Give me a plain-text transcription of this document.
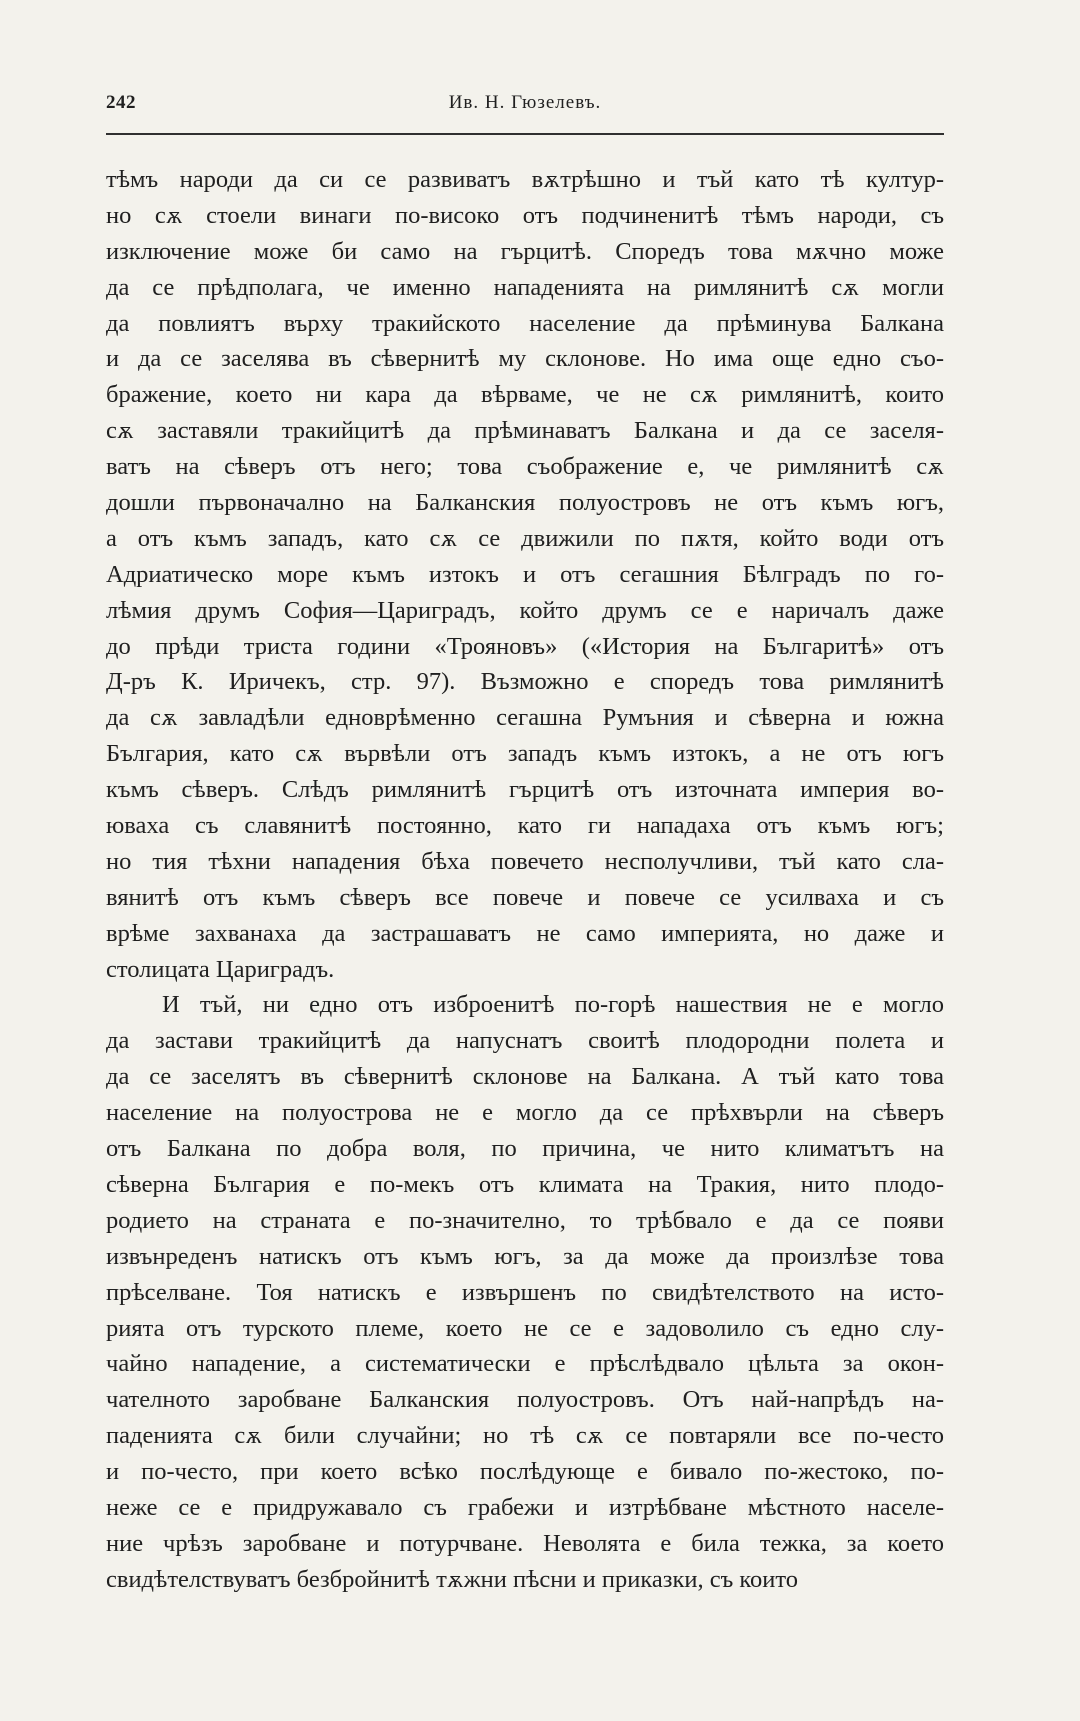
242	Ив. Н. Гюзелевъ.
тѣмъ народи да си се развиватъ вѫтрѣшно и тъй като тѣ култур-
но сѫ стоели винаги по-високо отъ подчиненитѣ тѣмъ народи, съ
изключение може би само на гърцитѣ. Споредъ това мѫчно може
да се прѣдполага, че именно нападенията на римлянитѣ сѫ могли
да повлиятъ върху тракийското население да прѣминува Балкана
и да се заселява въ сѣвернитѣ му склонове. Но има още едно съо-
бражение, което ни кара да вѣрваме, че не сѫ римлянитѣ, които
сѫ заставяли тракийцитѣ да прѣминаватъ Балкана и да се заселя-
ватъ на сѣверъ отъ него; това съображение е, че римлянитѣ сѫ
дошли първоначално на Балканския полуостровъ не отъ къмъ югъ,
а отъ къмъ западъ, като сѫ се движили по пѫтя, който води отъ
Адриатическо море къмъ изтокъ и отъ сегашния Бѣлградъ по го-
лѣмия друмъ София—Цариградъ, който друмъ се е наричалъ даже
до прѣди триста години «Трояновъ» («История на Българитѣ» отъ
Д-ръ К. Иричекъ, стр. 97). Възможно е споредъ това римлянитѣ
да сѫ завладѣли едноврѣменно сегашна Румъния и сѣверна и южна
България, като сѫ вървѣли отъ западъ къмъ изтокъ, а не отъ югъ
къмъ сѣверъ. Слѣдъ римлянитѣ гърцитѣ отъ източната империя во-
юваха съ славянитѣ постоянно, като ги нападаха отъ къмъ югъ;
но тия тѣхни нападения бѣха повечето несполучливи, тъй като сла-
вянитѣ отъ къмъ сѣверъ все повече и повече се усилваха и съ
врѣме захванаха да застрашаватъ не само империята, но даже и
столицата Цариградъ.
И тъй, ни едно отъ изброенитѣ по-горѣ нашествия не е могло
да застави тракийцитѣ да напуснатъ своитѣ плодородни полета и
да се заселятъ въ сѣвернитѣ склонове на Балкана. А тъй като това
население на полуострова не е могло да се прѣхвърли на сѣверъ
отъ Балкана по добра воля, по причина, че нито климатътъ на
сѣверна България е по-мекъ отъ климата на Тракия, нито плодо-
родието на страната е по-значително, то трѣбвало е да се появи
извънреденъ натискъ отъ къмъ югъ, за да може да произлѣзе това
прѣселване. Тоя натискъ е извършенъ по свидѣтелството на исто-
рията отъ турското племе, което не се е задоволило съ едно слу-
чайно нападение, а систематически е прѣслѣдвало цѣльта за окон-
чателното заробване Балканския полуостровъ. Отъ най-напрѣдъ на-
паденията сѫ били случайни; но тѣ сѫ се повтаряли все по-често
и по-често, при което всѣко послѣдующе е бивало по-жестоко, по-
неже се е придружавало съ грабежи и изтрѣбване мѣстното населе-
ние чрѣзъ заробване и потурчване. Неволята е била тежка, за което
свидѣтелствуватъ безбройнитѣ тѫжни пѣсни и приказки, съ които
